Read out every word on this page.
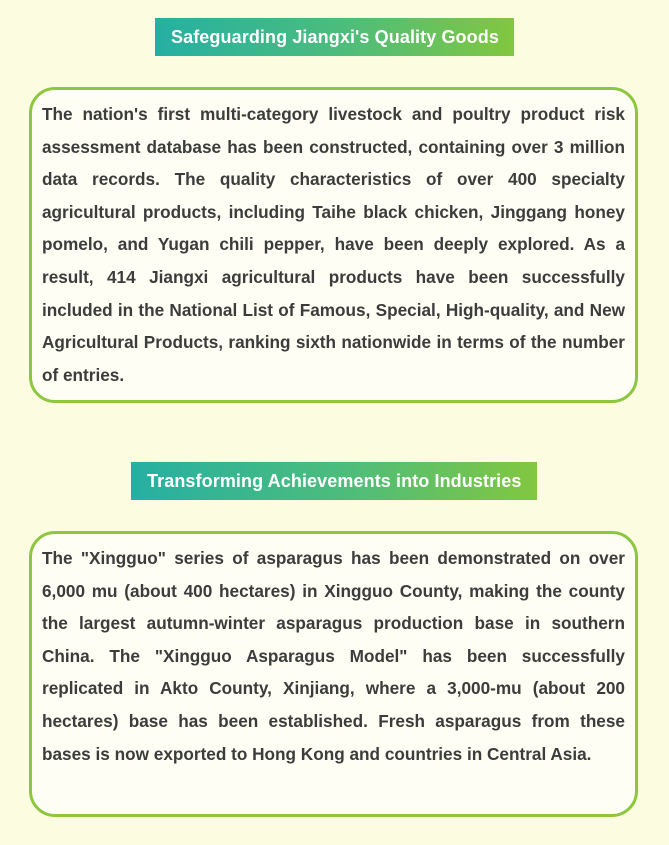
Safeguarding Jiangxi's Quality Goods

The nation's first multi-category livestock and poultry product risk assessment database has been constructed, containing over 3 million data records. The quality characteristics of over 400 specialty agricultural products, including Taihe black chicken, Jinggang honey pomelo, and Yugan chili pepper, have been deeply explored. As a result, 414 Jiangxi agricultural products have been successfully included in the National List of Famous, Special, High-quality, and New Agricultural Products, ranking sixth nationwide in terms of the number of entries.

Transforming Achievements into Industries

The "Xingguo" series of asparagus has been demonstrated on over 6,000 mu (about 400 hectares) in Xingguo County, making the county the largest autumn-winter asparagus production base in southern China. The "Xingguo Asparagus Model" has been successfully replicated in Akto County, Xinjiang, where a 3,000-mu (about 200 hectares) base has been established. Fresh asparagus from these bases is now exported to Hong Kong and countries in Central Asia.
